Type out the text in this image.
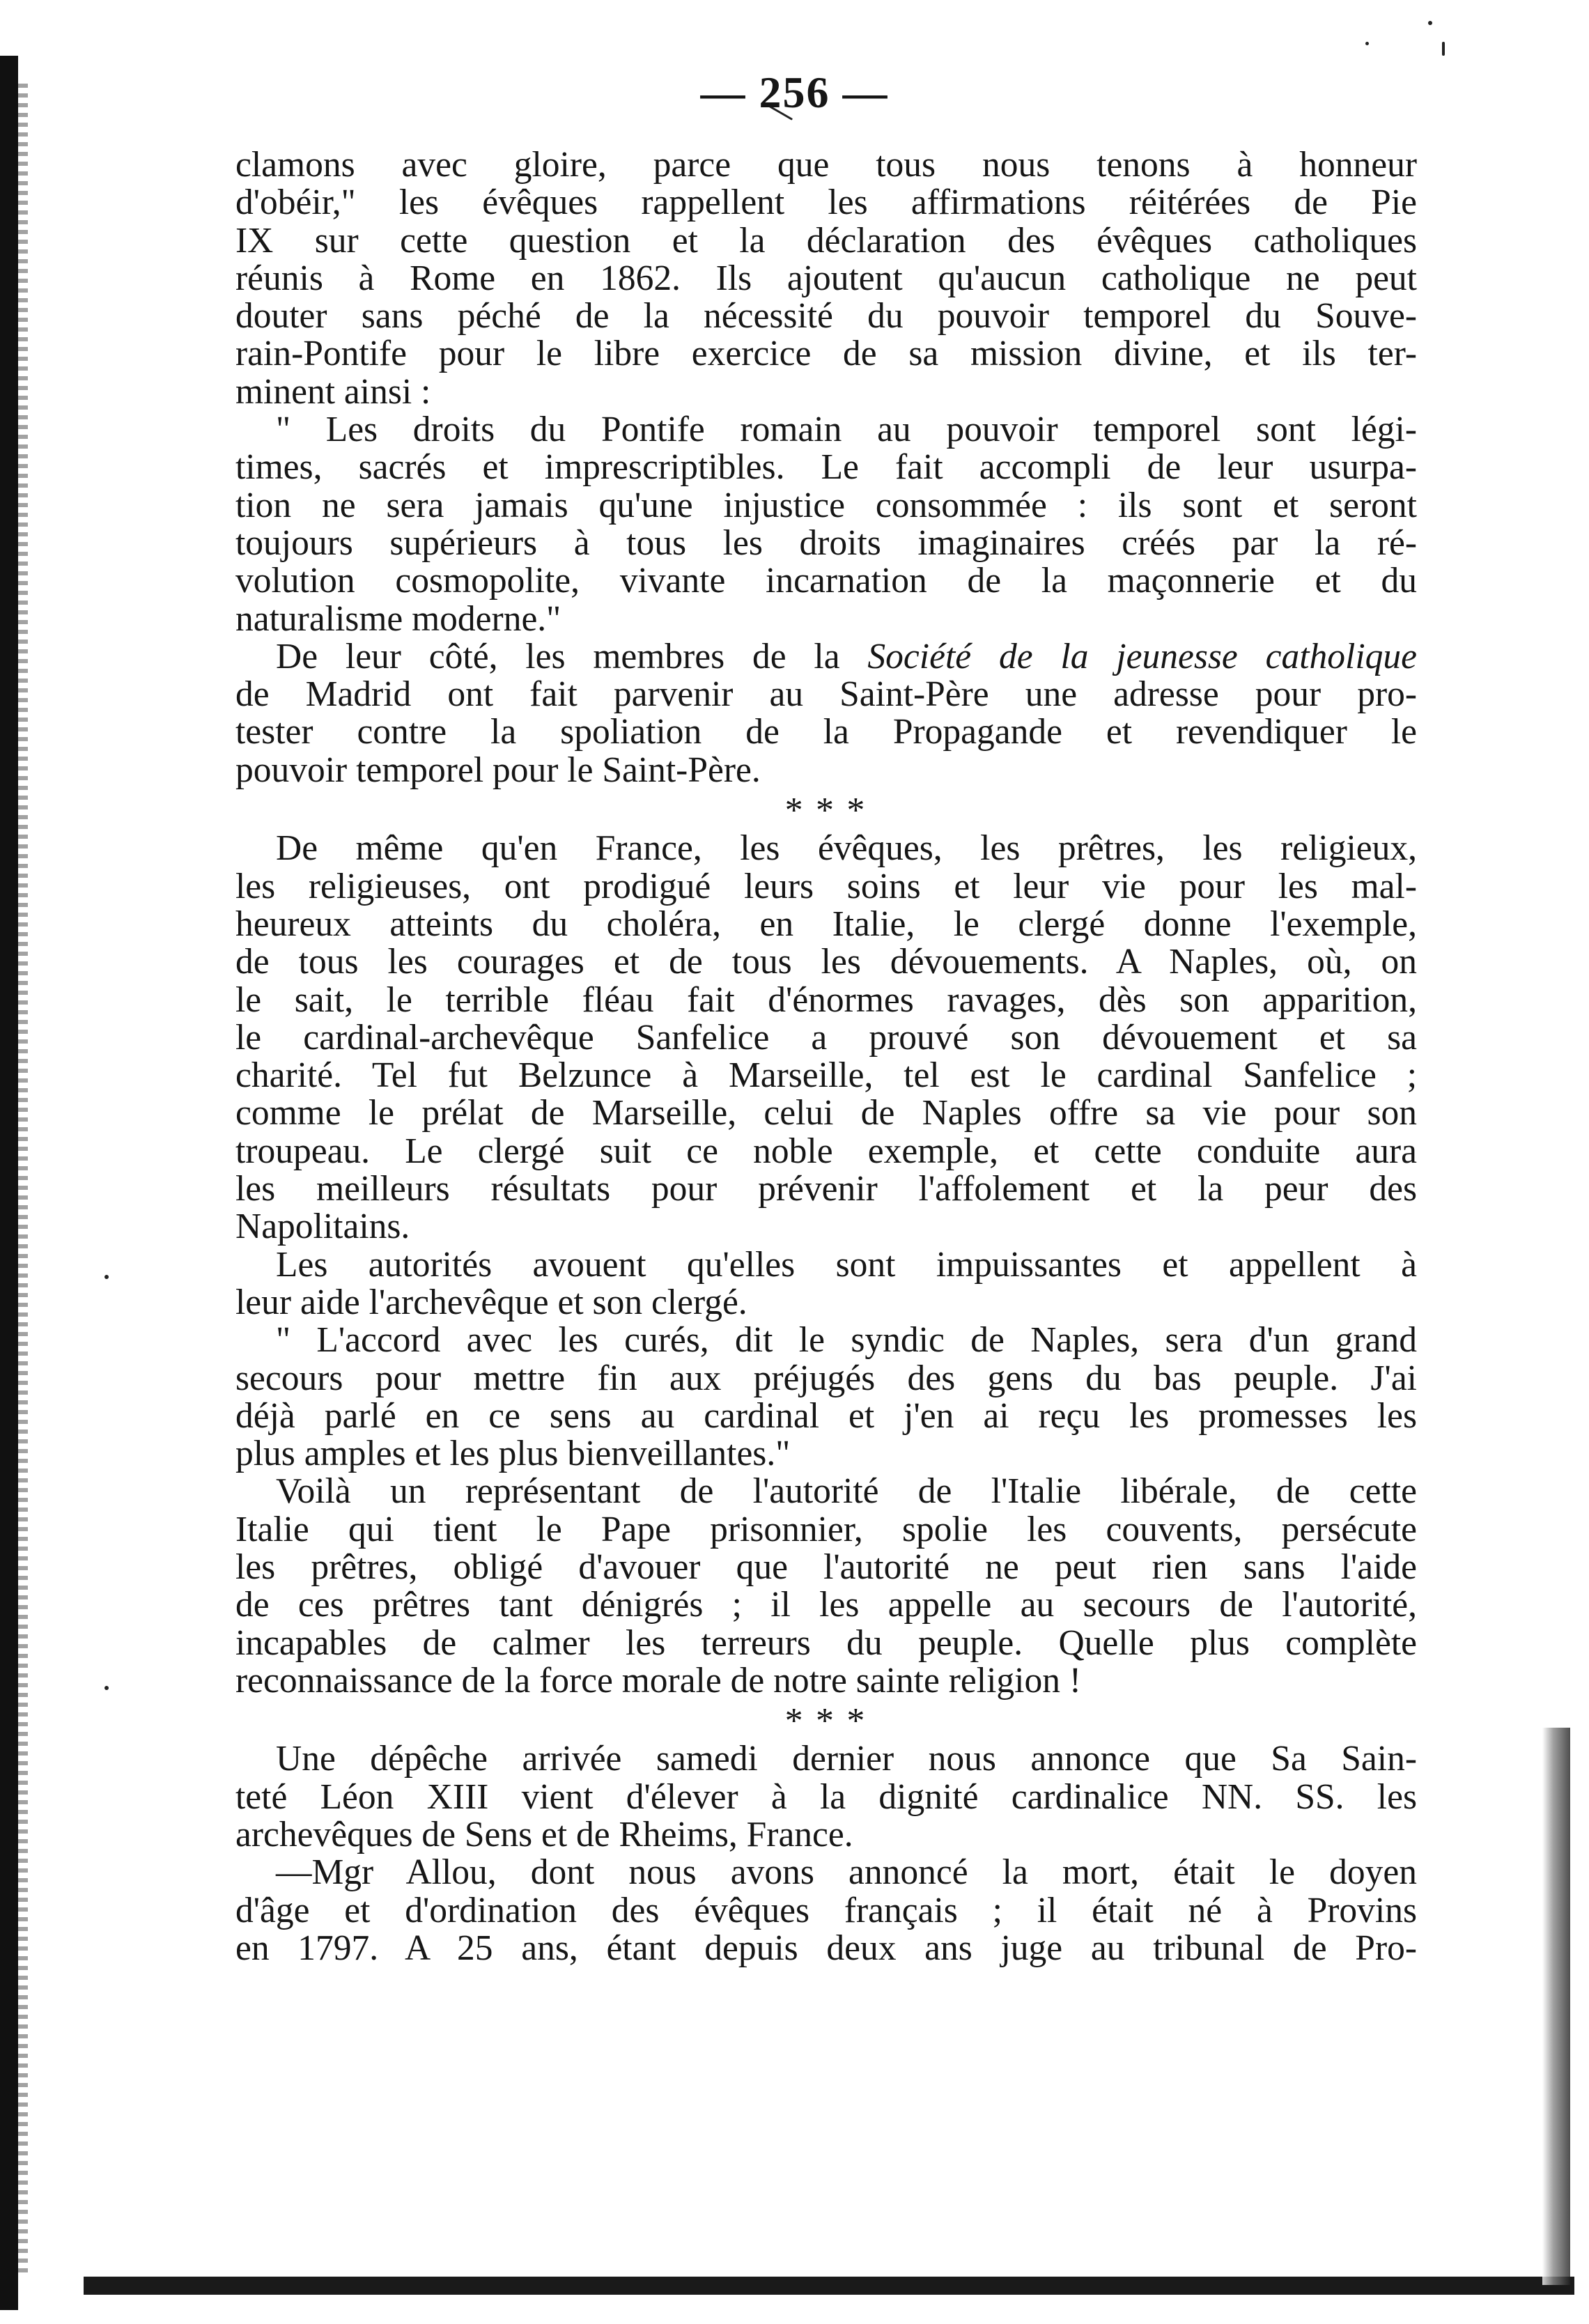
— 256 —
clamons avec gloire, parce que tous nous tenons à honneur
d'obéir," les évêques rappellent les affirmations réitérées de Pie
IX sur cette question et la déclaration des évêques catholiques
réunis à Rome en 1862. Ils ajoutent qu'aucun catholique ne peut
douter sans péché de la nécessité du pouvoir temporel du Souve-
rain-Pontife pour le libre exercice de sa mission divine, et ils ter-
minent ainsi :
" Les droits du Pontife romain au pouvoir temporel sont légi-
times, sacrés et imprescriptibles. Le fait accompli de leur usurpa-
tion ne sera jamais qu'une injustice consommée : ils sont et seront
toujours supérieurs à tous les droits imaginaires créés par la ré-
volution cosmopolite, vivante incarnation de la maçonnerie et du
naturalisme moderne."
De leur côté, les membres de la Société de la jeunesse catholique
de Madrid ont fait parvenir au Saint-Père une adresse pour pro-
tester contre la spoliation de la Propagande et revendiquer le
pouvoir temporel pour le Saint-Père.
* * *
De même qu'en France, les évêques, les prêtres, les religieux,
les religieuses, ont prodigué leurs soins et leur vie pour les mal-
heureux atteints du choléra, en Italie, le clergé donne l'exemple,
de tous les courages et de tous les dévouements. A Naples, où, on
le sait, le terrible fléau fait d'énormes ravages, dès son apparition,
le cardinal-archevêque Sanfelice a prouvé son dévouement et sa
charité. Tel fut Belzunce à Marseille, tel est le cardinal Sanfelice ;
comme le prélat de Marseille, celui de Naples offre sa vie pour son
troupeau. Le clergé suit ce noble exemple, et cette conduite aura
les meilleurs résultats pour prévenir l'affolement et la peur des
Napolitains.
Les autorités avouent qu'elles sont impuissantes et appellent à
leur aide l'archevêque et son clergé.
" L'accord avec les curés, dit le syndic de Naples, sera d'un grand
secours pour mettre fin aux préjugés des gens du bas peuple. J'ai
déjà parlé en ce sens au cardinal et j'en ai reçu les promesses les
plus amples et les plus bienveillantes."
Voilà un représentant de l'autorité de l'Italie libérale, de cette
Italie qui tient le Pape prisonnier, spolie les couvents, persécute
les prêtres, obligé d'avouer que l'autorité ne peut rien sans l'aide
de ces prêtres tant dénigrés ; il les appelle au secours de l'autorité,
incapables de calmer les terreurs du peuple. Quelle plus complète
reconnaissance de la force morale de notre sainte religion !
* * *
Une dépêche arrivée samedi dernier nous annonce que Sa Sain-
teté Léon XIII vient d'élever à la dignité cardinalice NN. SS. les
archevêques de Sens et de Rheims, France.
—Mgr Allou, dont nous avons annoncé la mort, était le doyen
d'âge et d'ordination des évêques français ; il était né à Provins
en 1797. A 25 ans, étant depuis deux ans juge au tribunal de Pro-
